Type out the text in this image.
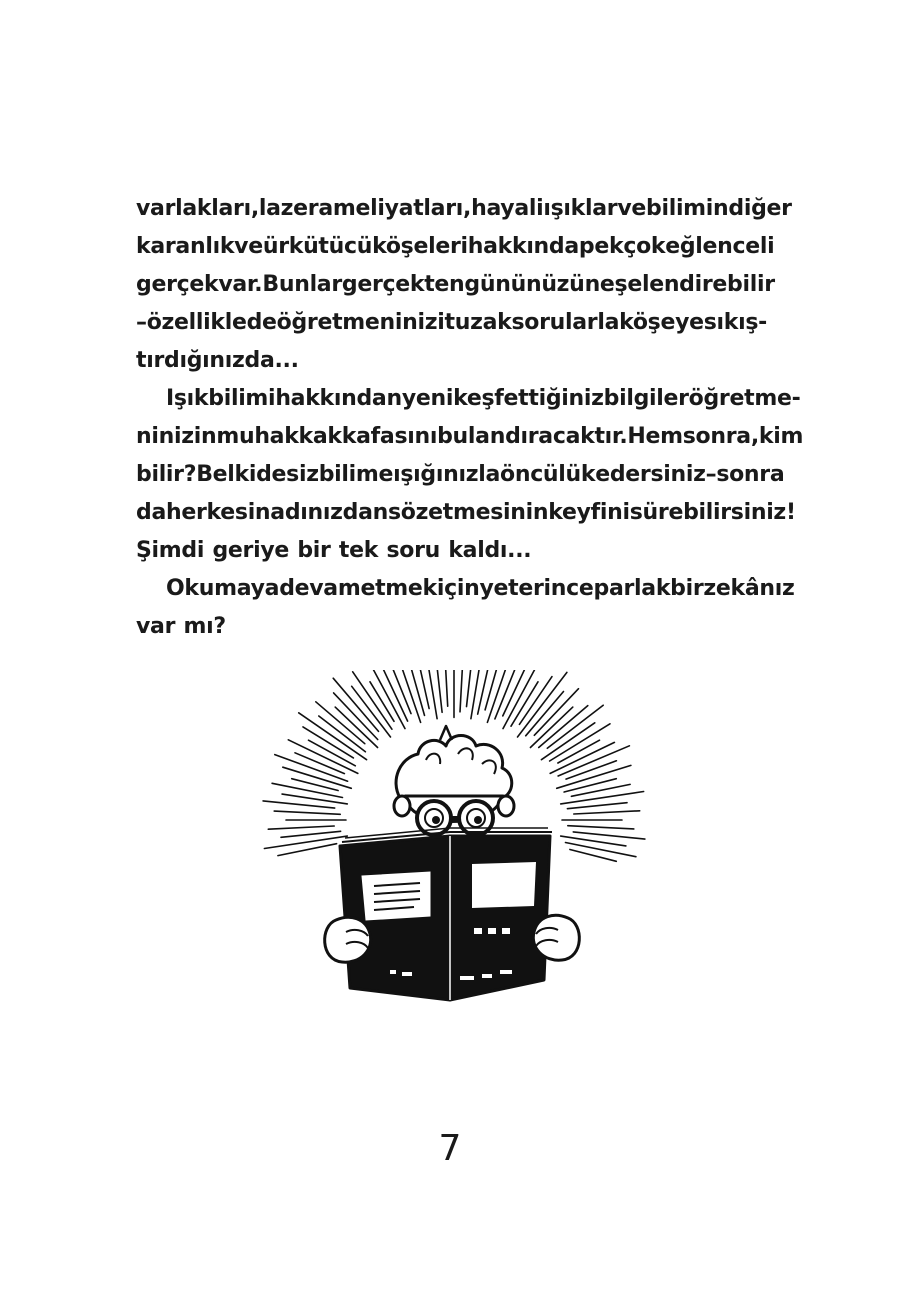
varlakları, lazer ameliyatları, hayali ışıklar ve bilimin diğer
karanlık ve ürkütücü köşeleri hakkında pek çok eğlenceli
gerçek var. Bunlar gerçekten gününüzü neşelendirebilir
– özellikle de öğretmeninizi tuzak sorularla köşeye sıkış-
tırdığınızda...
Işık bilimi hakkından yeni keşfettiğiniz bilgiler öğretme-
ninizin muhakkak kafasını bulandıracaktır. Hem sonra, kim
bilir? Belki de siz bilime ışığınızla öncülük edersiniz – sonra
da herkesin adınızdan söz etmesinin keyfini sürebilirsiniz!
Şimdi geriye bir tek soru kaldı...
Okumaya devam etmek için yeterince parlak bir zekânız
var mı?
7
